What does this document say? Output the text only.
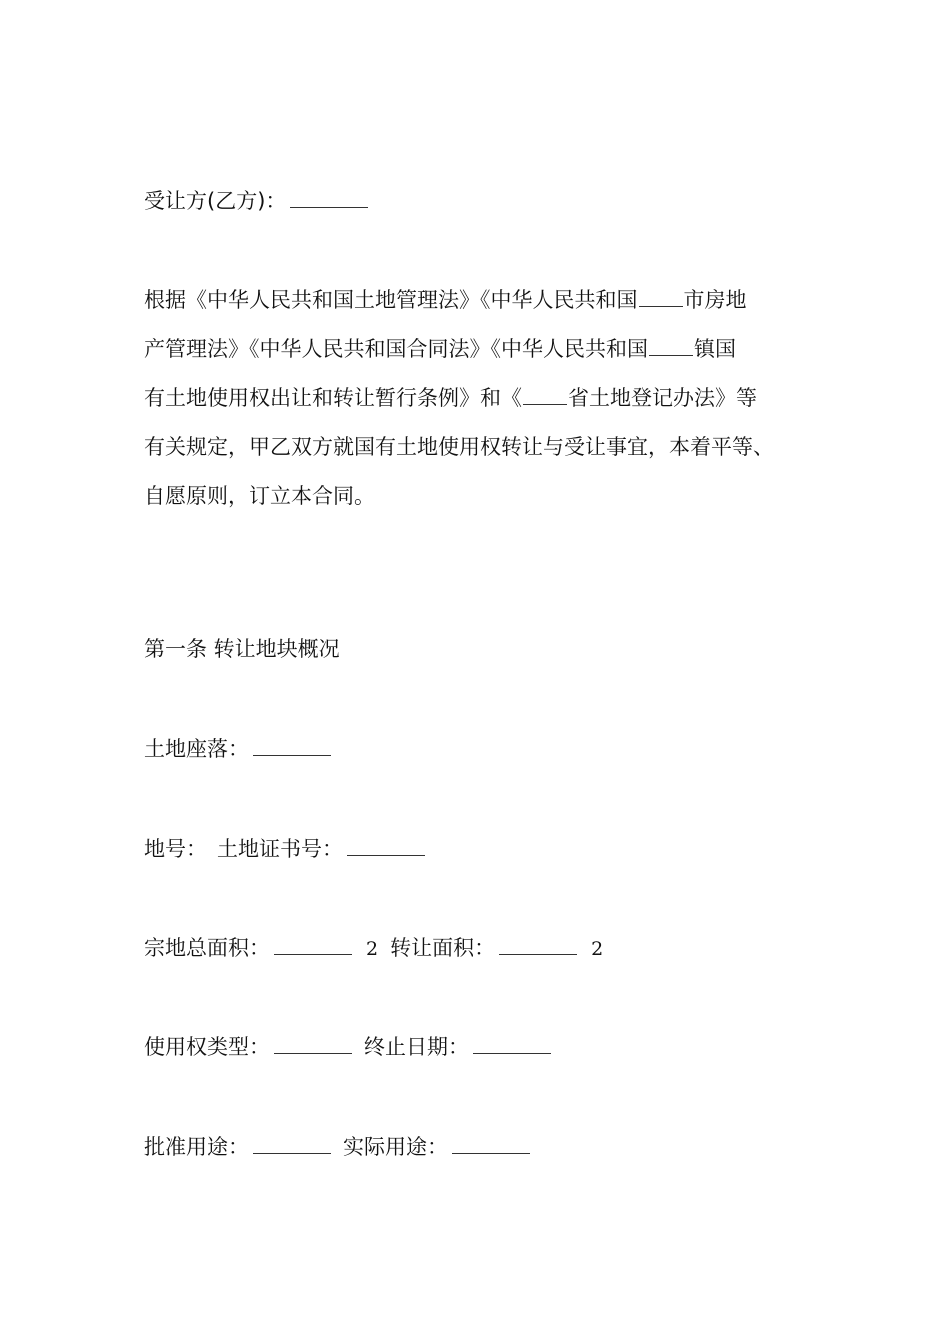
受让方(乙方)：
根据《中华人民共和国土地管理法》《中华人民共和国 市房地
产管理法》《中华人民共和国合同法》《中华人民共和国 镇国
有土地使用权出让和转让暂行条例》和《 省土地登记办法》等
有关规定，甲乙双方就国有土地使用权转让与受让事宜，本着平等、
自愿原则，订立本合同。
第一条 转让地块概况
土地座落：
地号： 土地证书号：
宗地总面积：	2 转让面积：	2
使用权类型：	终止日期：
批准用途：	实际用途：
